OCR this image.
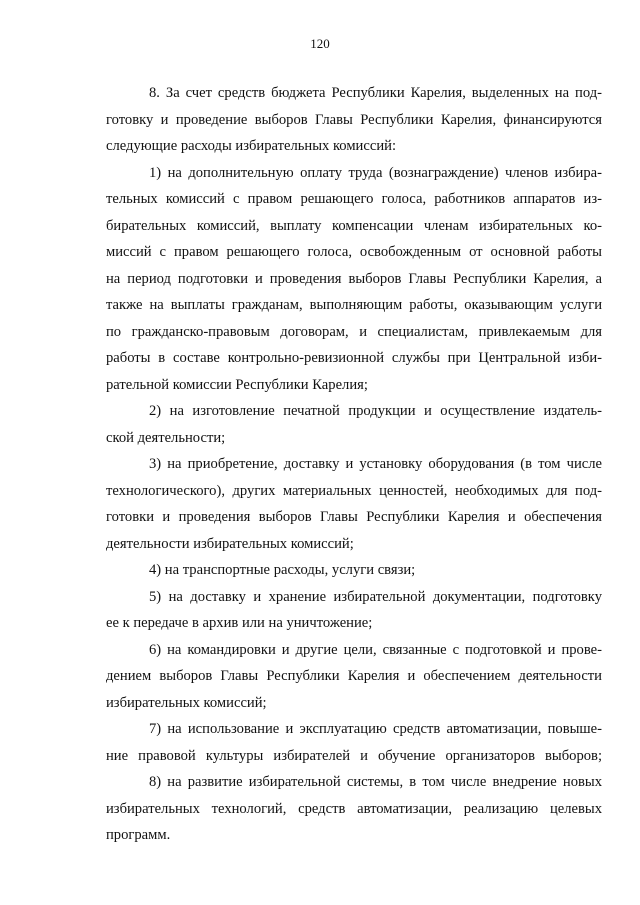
120
8. За счет средств бюджета Республики Карелия, выделенных на под-
готовку и проведение выборов Главы Республики Карелия, финансируются
следующие расходы избирательных комиссий:
1) на дополнительную оплату труда (вознаграждение) членов избира-
тельных комиссий с правом решающего голоса, работников аппаратов из-
бирательных комиссий, выплату компенсации членам избирательных ко-
миссий с правом решающего голоса, освобожденным от основной работы
на период подготовки и проведения выборов Главы Республики Карелия, а
также на выплаты гражданам, выполняющим работы, оказывающим услуги
по гражданско-правовым договорам, и специалистам, привлекаемым для
работы в составе контрольно-ревизионной службы при Центральной изби-
рательной комиссии Республики Карелия;
2) на изготовление печатной продукции и осуществление издатель-
ской деятельности;
3) на приобретение, доставку и установку оборудования (в том числе
технологического), других материальных ценностей, необходимых для под-
готовки и проведения выборов Главы Республики Карелия и обеспечения
деятельности избирательных комиссий;
4) на транспортные расходы, услуги связи;
5) на доставку и хранение избирательной документации, подготовку
ее к передаче в архив или на уничтожение;
6) на командировки и другие цели, связанные с подготовкой и прове-
дением выборов Главы Республики Карелия и обеспечением деятельности
избирательных комиссий;
7) на использование и эксплуатацию средств автоматизации, повыше-
ние правовой культуры избирателей и обучение организаторов выборов;
8) на развитие избирательной системы, в том числе внедрение новых
избирательных технологий, средств автоматизации, реализацию целевых
программ.
